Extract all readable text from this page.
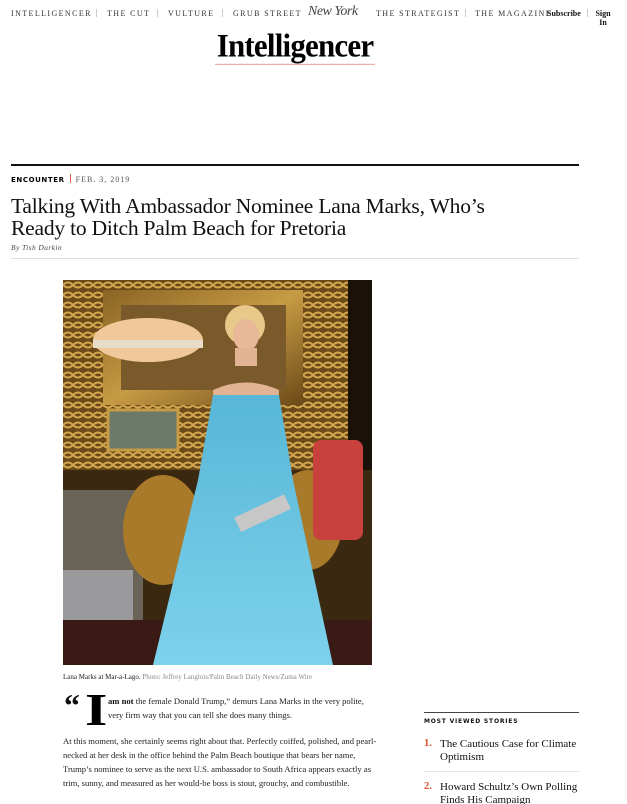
INTELLIGENCER THE CUT VULTURE GRUB STREET New York THE STRATEGIST THE MAGAZINE
Subscribe Sign In
Intelligencer
ENCOUNTER FEB. 3, 2019
Talking With Ambassador Nominee Lana Marks, Who’s Ready to Ditch Palm Beach for Pretoria
By Tish Durkin
Lana Marks at Mar-a-Lago. Photo: Jeffrey Langlois/Palm Beach Daily News/Zuma Wire
“ I am not the female Donald Trump,” demurs Lana Marks in the very polite, very firm way that you can tell she does many things.

At this moment, she certainly seems right about that. Perfectly coiffed, polished, and pearl-necked at her desk in the office behind the Palm Beach boutique that bears her name, Trump’s nominee to serve as the next U.S. ambassador to South Africa appears exactly as trim, sunny, and measured as her would-be boss is stout, grouchy, and combustible.

MOST VIEWED STORIES
1. The Cautious Case for Climate Optimism
2. Howard Schultz’s Own Polling Finds His Campaign
